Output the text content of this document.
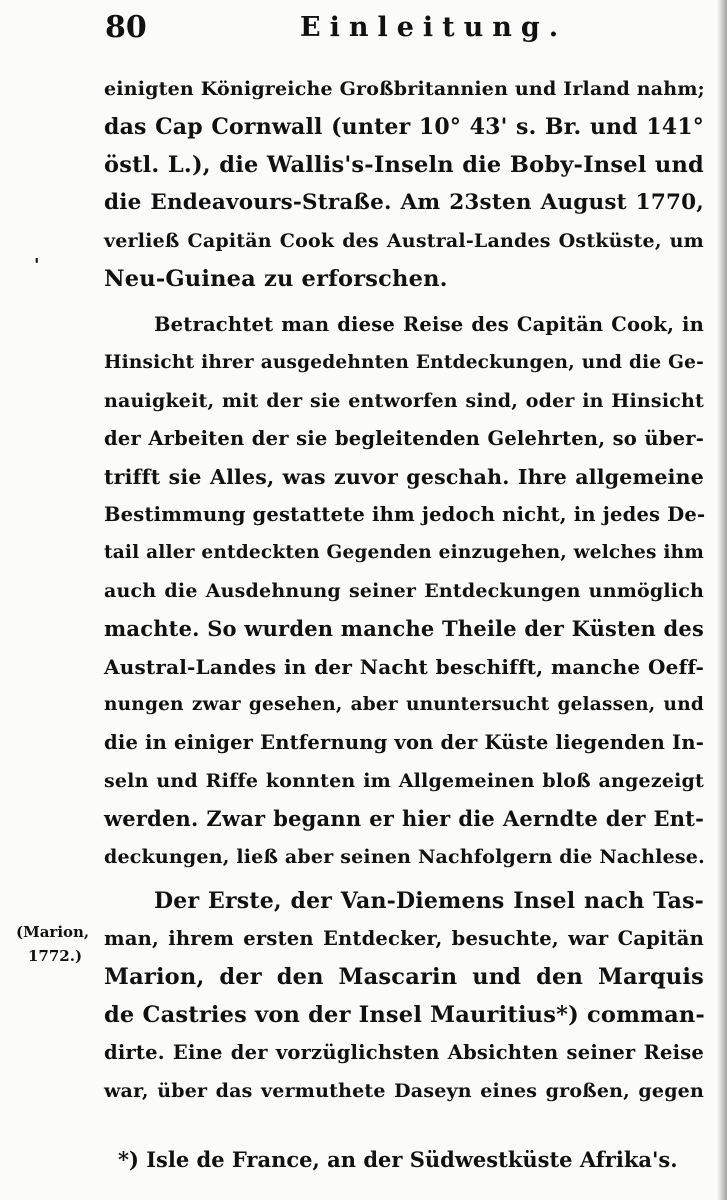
80	Einleitung.
'
einigten Königreiche Großbritannien und Irland nahm;
das Cap Cornwall (unter 10° 43' s. Br. und 141°
östl. L.), die Wallis's-Inseln die Boby-Insel und
die Endeavours-Straße. Am 23sten August 1770,
verließ Capitän Cook des Austral-Landes Ostküste, um
Neu-Guinea zu erforschen.
Betrachtet man diese Reise des Capitän Cook, in
Hinsicht ihrer ausgedehnten Entdeckungen, und die Ge-
nauigkeit, mit der sie entworfen sind, oder in Hinsicht
der Arbeiten der sie begleitenden Gelehrten, so über-
trifft sie Alles, was zuvor geschah. Ihre allgemeine
Bestimmung gestattete ihm jedoch nicht, in jedes De-
tail aller entdeckten Gegenden einzugehen, welches ihm
auch die Ausdehnung seiner Entdeckungen unmöglich
machte. So wurden manche Theile der Küsten des
Austral-Landes in der Nacht beschifft, manche Oeff-
nungen zwar gesehen, aber ununtersucht gelassen, und
die in einiger Entfernung von der Küste liegenden In-
seln und Riffe konnten im Allgemeinen bloß angezeigt
werden. Zwar begann er hier die Aerndte der Ent-
deckungen, ließ aber seinen Nachfolgern die Nachlese.
(Marion,
1772.)
Der Erste, der Van-Diemens Insel nach Tas-
man, ihrem ersten Entdecker, besuchte, war Capitän
Marion, der den Mascarin und den Marquis
de Castries von der Insel Mauritius*) comman-
dirte. Eine der vorzüglichsten Absichten seiner Reise
war, über das vermuthete Daseyn eines großen, gegen
*) Isle de France, an der Südwestküste Afrika's.
